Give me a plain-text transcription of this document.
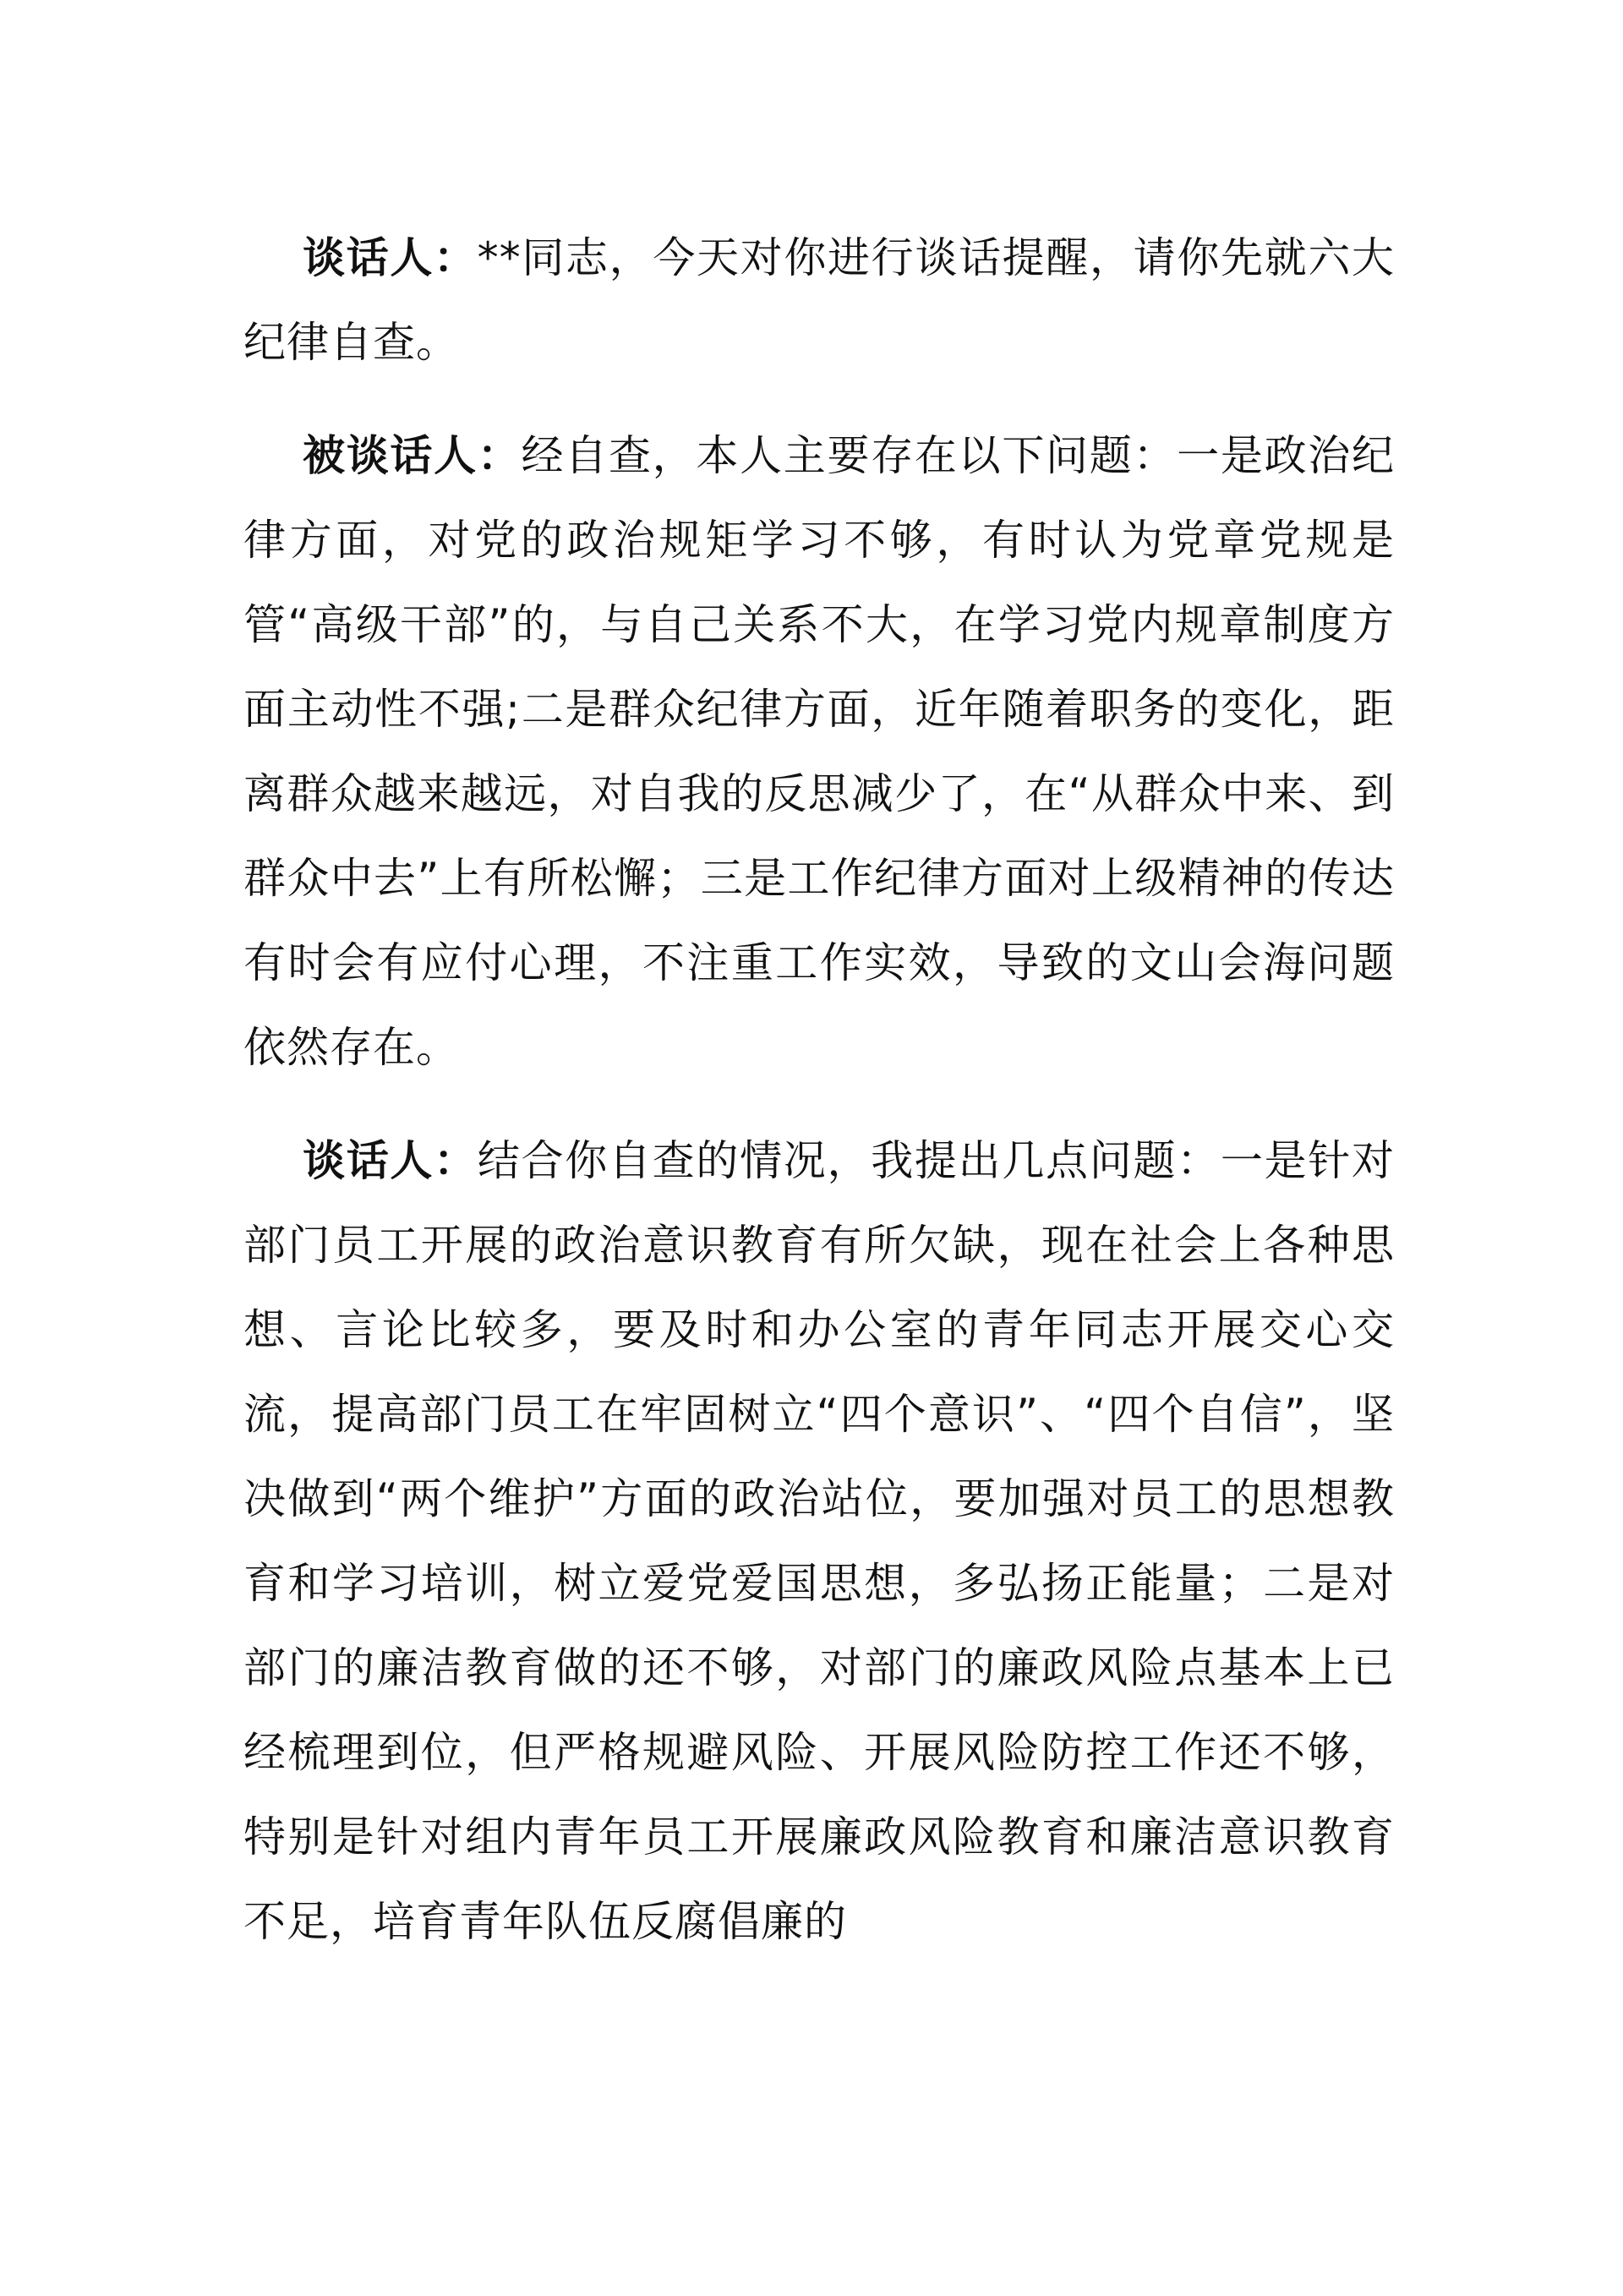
谈话人：**同志，今天对你进行谈话提醒，请你先就六大纪律自查。

被谈话人：经自查，本人主要存在以下问题：一是政治纪律方面，对党的政治规矩学习不够，有时认为党章党规是管“高级干部”的，与自己关系不大，在学习党内规章制度方面主动性不强;二是群众纪律方面，近年随着职务的变化，距离群众越来越远，对自我的反思减少了，在“从群众中来、到群众中去”上有所松懈；三是工作纪律方面对上级精神的传达有时会有应付心理，不注重工作实效，导致的文山会海问题依然存在。

谈话人：结合你自查的情况，我提出几点问题：一是针对部门员工开展的政治意识教育有所欠缺，现在社会上各种思想、言论比较多，要及时和办公室的青年同志开展交心交流，提高部门员工在牢固树立“四个意识”、“四个自信”，坚决做到“两个维护”方面的政治站位，要加强对员工的思想教育和学习培训，树立爱党爱国思想，多弘扬正能量；二是对部门的廉洁教育做的还不够，对部门的廉政风险点基本上已经梳理到位，但严格规避风险、开展风险防控工作还不够，特别是针对组内青年员工开展廉政风险教育和廉洁意识教育不足，培育青年队伍反腐倡廉的
